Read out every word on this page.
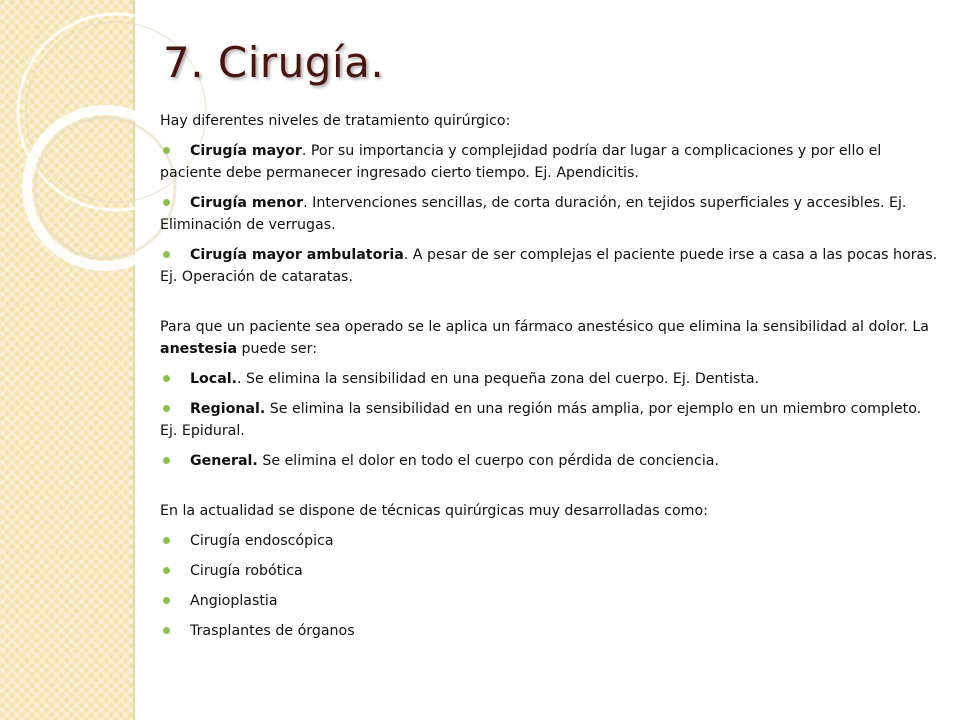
7. Cirugía.

Hay diferentes niveles de tratamiento quirúrgico:

Cirugía mayor. Por su importancia y complejidad podría dar lugar a complicaciones y por ello el paciente debe permanecer ingresado cierto tiempo. Ej. Apendicitis.

Cirugía menor. Intervenciones sencillas, de corta duración, en tejidos superficiales y accesibles. Ej. Eliminación de verrugas.

Cirugía mayor ambulatoria. A pesar de ser complejas el paciente puede irse a casa a las pocas horas. Ej. Operación de cataratas.

Para que un paciente sea operado se le aplica un fármaco anestésico que elimina la sensibilidad al dolor. La anestesia puede ser:

Local.. Se elimina la sensibilidad en una pequeña zona del cuerpo. Ej. Dentista.

Regional. Se elimina la sensibilidad en una región más amplia, por ejemplo en un miembro completo. Ej. Epidural.

General. Se elimina el dolor en todo el cuerpo con pérdida de conciencia.

En la actualidad se dispone de técnicas quirúrgicas muy desarrolladas como:

Cirugía endoscópica

Cirugía robótica

Angioplastia

Trasplantes de órganos
